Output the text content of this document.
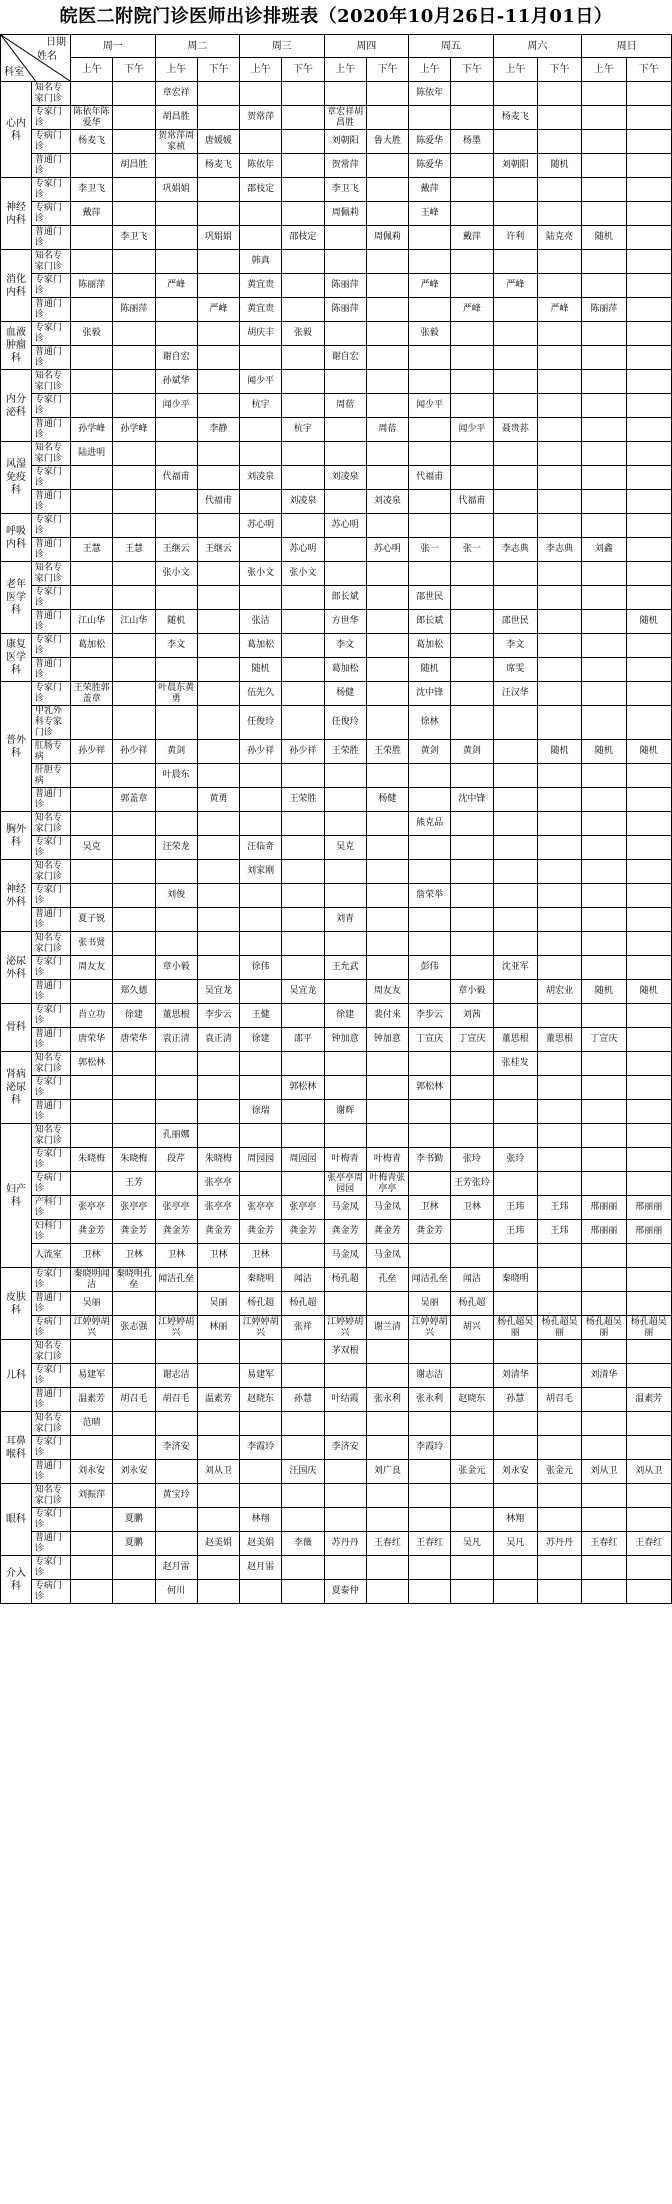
皖医二附院门诊医师出诊排班表（2020年10月26日-11月01日）
日期
姓名
科室		周一		周二		周三		周四		周五		周六		周日	
		上午	下午	上午	下午	上午	下午	上午	下午	上午	下午	上午	下午	上午	下午
心内科	知名专家门诊			章宏祥						陈依年					
	专家门诊	陈依年陈爱华		胡昌胜		贺常萍		章宏祥胡昌胜				杨麦飞			
	专病门诊	杨麦飞		贺常萍周家祯	唐媛媛			刘朝阳	鲁大胜	陈爱华	杨墨				
	普通门诊		胡昌胜		杨麦飞	陈依年		贺常萍		陈爱华		刘朝阳	随机		
神经内科	专家门诊	李卫飞		巩娟娟		邵枝定		李卫飞		戴萍					
	专病门诊	戴萍						周佩莉		王峰					
	普通门诊		李卫飞		巩娟娟		邵枝定		周佩莉		戴萍	许利	陆克亮	随机	
消化内科	知名专家门诊					韩真									
	专家门诊	陈丽萍		严峰		黄宜贵		陈丽萍		严峰		严峰			
	普通门诊		陈丽萍		严峰	黄宜贵		陈丽萍			严峰		严峰	陈丽萍	
血液肿瘤科	专家门诊	张毅				胡庆丰	张毅			张毅					
	普通门诊			谢自宏				谢自宏							
内分泌科	知名专家门诊			孙斌华		闻少平									
	专家门诊			闻少平		杭宇		周蓓		闻少平					
	普通门诊	孙学峰	孙学峰		李静		杭宇		周蓓		闻少平	聂贵荪			
风湿免疫科	知名专家门诊	陆进明													
	专家门诊			代福甫		刘凌泉		刘凌泉		代福甫					
	普通门诊				代福甫		刘凌泉		刘凌泉		代福甫				
呼吸内科	专家门诊					苏心明		苏心明							
	普通门诊	王慧	王慧	王继云	王继云		苏心明		苏心明	张一	张一	李志典	李志典	刘鑫	
老年医学科	知名专家门诊			张小文		张小文	张小文								
	专家门诊							郎长斌		邵世民					
	普通门诊	江山华	江山华	随机		张洁		方世华		郎长斌		邵世民			随机
康复医学科	专家门诊	葛加松		李文		葛加松		李文		葛加松		李文			
	普通门诊					随机		葛加松		随机		席雯			
普外科	专家门诊	王荣胜郭盖章		叶晨东黄勇		伍先久		杨健		沈中锋		汪汉华			
	甲乳外科专家门诊					任俊玲		任俊玲		徐林					
	肛肠专病	孙少祥	孙少祥	黄剑		孙少祥	孙少祥	王荣胜	王荣胜	黄剑	黄剑		随机	随机	随机
	肝胆专病			叶晨东											
	普通门诊		郭盖章		黄勇		王荣胜		杨健		沈中锋				
胸外科	知名专家门诊									熊克品					
	专家门诊	吴克		汪荣龙		汪临奇		吴克							
神经外科	知名专家门诊					刘家刚									
	专家门诊			刘俊						詹荣举					
	普通门诊	夏子锐						刘青							
泌尿外科	知名专家门诊	张书贤													
	专家门诊	周友友		章小毅		徐伟		王允武		彭伟		沈亚军			
	普通门诊		郑久德		吴宜龙		吴宜龙		周友友		章小毅		胡宏业	随机	随机
骨科	专家门诊	肖立功	徐建	董思根	李步云	王健		徐建	裴付来	李步云	刘茜				
	普通门诊	唐荣华	唐荣华	袁正清	袁正清	徐建	邵平	钟加意	钟加意	丁宣庆	丁宣庆	董思根	董思根	丁宣庆	
肾病泌尿科	知名专家门诊	郭松林										张桂发			
	专家门诊						郭松林			郭松林					
	普通门诊					徐瑞		谢辉							
妇产科	知名专家门诊			孔丽娜											
	专家门诊	朱晓梅	朱晓梅	段芹	朱晓梅	周园园	周园园	叶梅青	叶梅青	李书勤	张玲	张玲			
	专病门诊		王芳		张亭亭			张亭亭周园园	叶梅青张亭亭		王芳张玲				
	产科门诊	张亭亭	张亭亭	张亭亭	张亭亭	张亭亭	张亭亭	马金凤	马金凤	卫林	卫林	王玮	王玮	邢丽丽	邢丽丽
	妇科门诊	龚金芳	龚金芳	龚金芳	龚金芳	龚金芳	龚金芳	龚金芳	龚金芳	龚金芳		王玮	王玮	邢丽丽	邢丽丽
	人流室	卫林	卫林	卫林	卫林	卫林		马金凤	马金凤						
皮肤科	专家门诊	秦晓明闻洁	秦晓明孔垒	闻洁孔垒		秦晓明	闻洁	杨孔超	孔垒	闻洁孔垒	闻洁	秦晓明			
	普通门诊	吴丽			吴丽	杨孔超	杨孔超			吴丽	杨孔超				
	专病门诊	江婷婷胡兴	张志强	江婷婷胡兴	林丽	江婷婷胡兴	张祥	江婷婷胡兴	谢兰清	江婷婷胡兴	胡兴	杨孔超吴丽	杨孔超吴丽	杨孔超吴丽	杨孔超吴丽
儿科	知名专家门诊							茅双根							
	专家门诊	易建军		谢志洁		易建军				谢志洁		刘清华		刘清华	
	普通门诊	温素芳	胡召毛	胡召毛	温素芳	赵晓东	孙慧	叶结霞	张永利	张永利	赵晓东	孙慧	胡召毛		温素芳
耳鼻喉科	知名专家门诊	范晴													
	专家门诊			李济安		李霞玲		李济安		李霞玲					
	普通门诊	刘永安	刘永安		刘从卫		汪国庆		刘广良		张金元	刘永安	张金元	刘从卫	刘从卫
眼科	知名专家门诊	刘振萍		黄宝玲											
	专家门诊		夏鹏			林翔						林翔			
	普通门诊		夏鹏		赵美娟	赵美娟	李薇	苏丹丹	王春红	王春红	吴凡	吴凡	苏丹丹	王春红	王春红
介入科	专家门诊			赵月雷		赵月雷									
	专病门诊			何川				夏泰仲							
